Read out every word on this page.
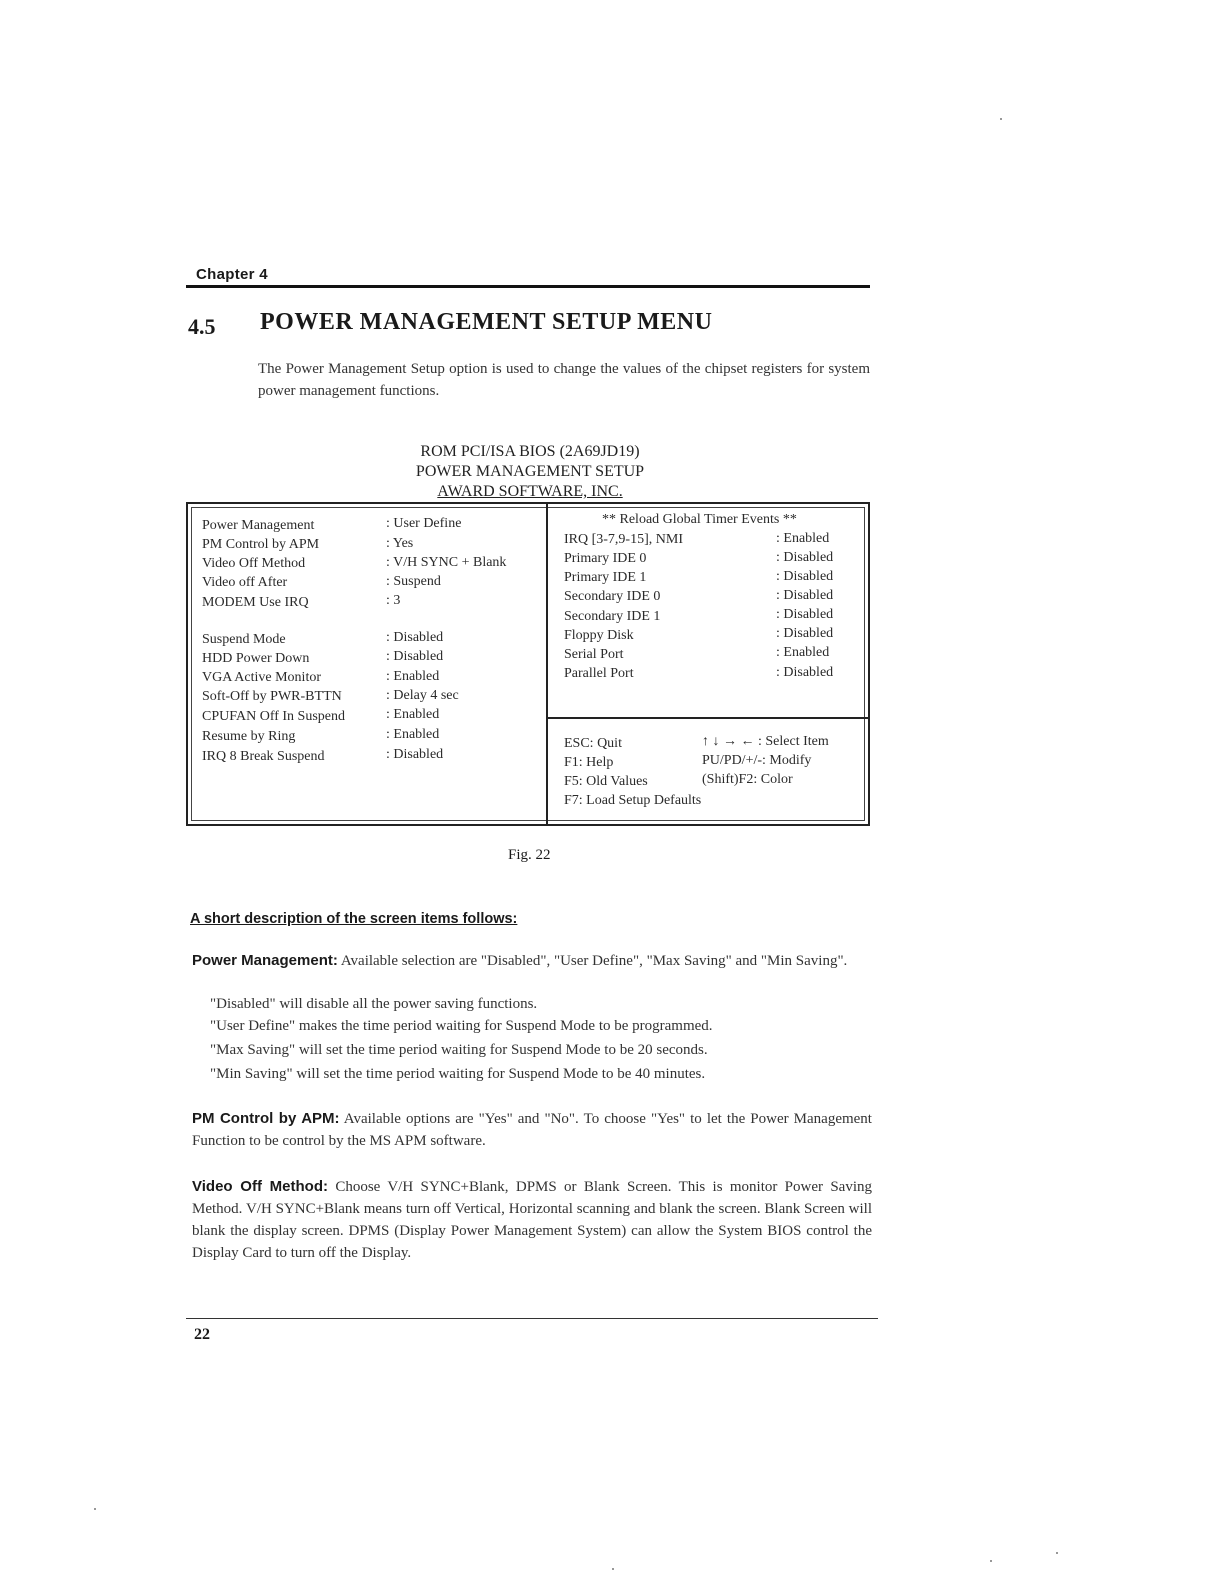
Chapter 4
4.5 POWER MANAGEMENT SETUP MENU
The Power Management Setup option is used to change the values of the chipset registers for system power management functions.
ROM PCI/ISA BIOS (2A69JD19)
POWER MANAGEMENT SETUP
AWARD SOFTWARE, INC.
Power Management	: User Define
PM Control by APM	: Yes
Video Off Method	: V/H SYNC + Blank
Video off After	: Suspend
MODEM Use IRQ	: 3
Suspend Mode	: Disabled
HDD Power Down	: Disabled
VGA Active Monitor	: Enabled
Soft-Off by PWR-BTTN	: Delay 4 sec
CPUFAN Off In Suspend	: Enabled
Resume by Ring	: Enabled
IRQ 8 Break Suspend	: Disabled
** Reload Global Timer Events **
IRQ [3-7,9-15], NMI	: Enabled
Primary IDE 0	: Disabled
Primary IDE 1	: Disabled
Secondary IDE 0	: Disabled
Secondary IDE 1	: Disabled
Floppy Disk	: Disabled
Serial Port	: Enabled
Parallel Port	: Disabled
ESC: Quit	↑ ↓ → ← : Select Item
F1: Help	PU/PD/+/-: Modify
F5: Old Values	(Shift)F2: Color
F7: Load Setup Defaults
Fig. 22
A short description of the screen items follows:
Power Management: Available selection are "Disabled", "User Define", "Max Saving" and "Min Saving".
"Disabled" will disable all the power saving functions.
"User Define" makes the time period waiting for Suspend Mode to be programmed.
"Max Saving" will set the time period waiting for Suspend Mode to be 20 seconds.
"Min Saving" will set the time period waiting for Suspend Mode to be 40 minutes.
PM Control by APM: Available options are "Yes" and "No". To choose "Yes" to let the Power Management Function to be control by the MS APM software.
Video Off Method: Choose V/H SYNC+Blank, DPMS or Blank Screen. This is monitor Power Saving Method. V/H SYNC+Blank means turn off Vertical, Horizontal scanning and blank the screen. Blank Screen will blank the display screen. DPMS (Display Power Management System) can allow the System BIOS control the Display Card to turn off the Display.
22
